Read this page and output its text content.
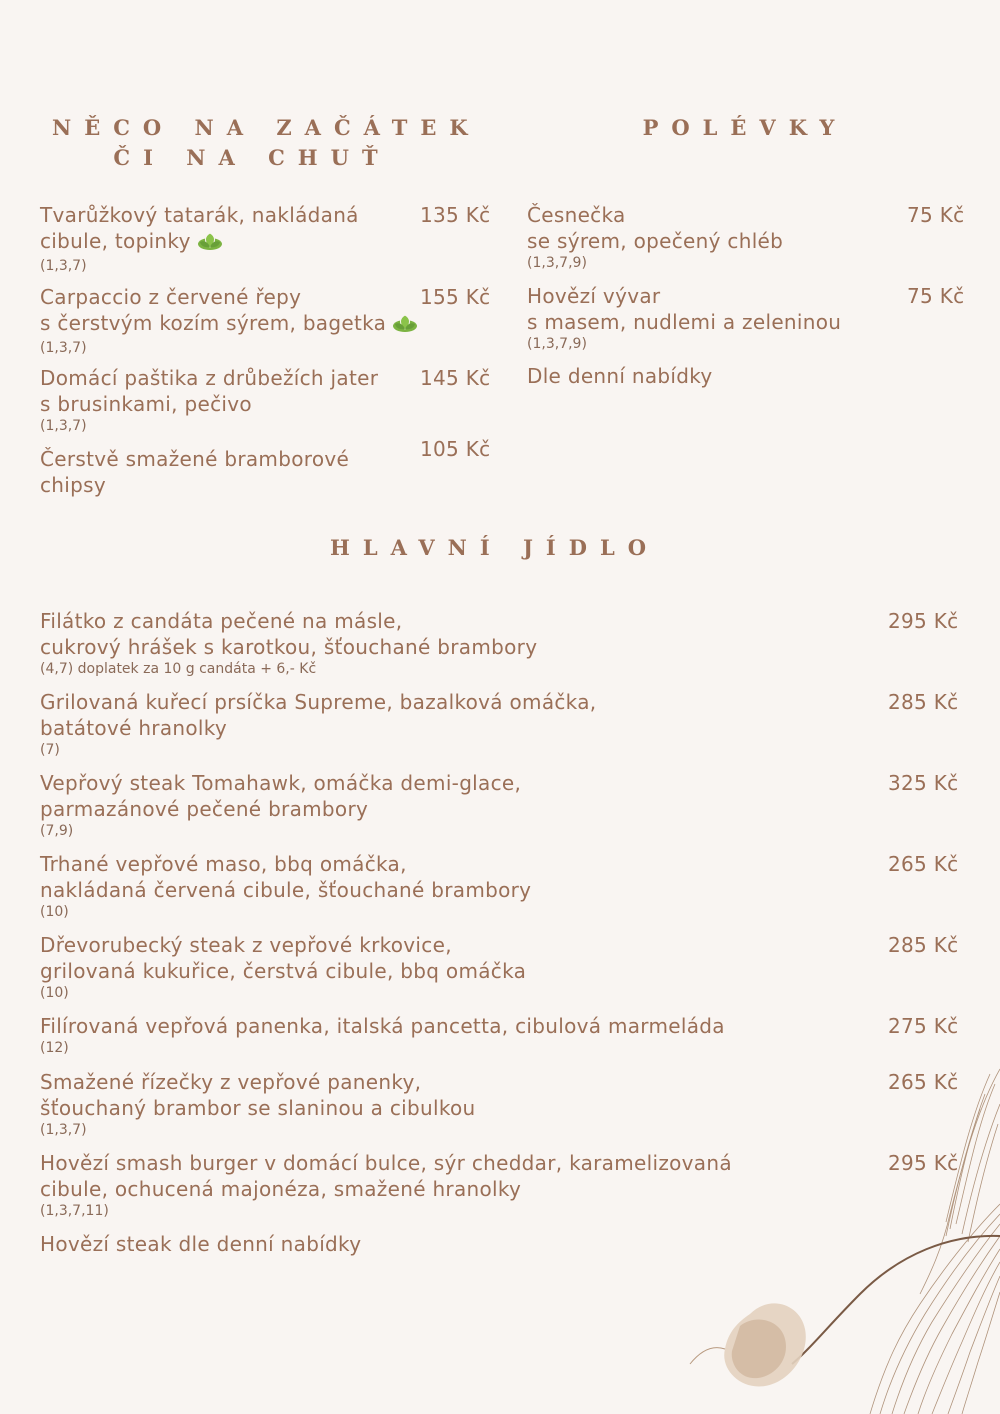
NĚCO NA ZAČÁTEK
ČI NA CHUŤ
POLÉVKY
HLAVNÍ JÍDLO
Tvarůžkový tatarák, nakládaná
cibule, topinky
(1,3,7)
135 Kč
Carpaccio z červené řepy
s čerstvým kozím sýrem, bagetka
(1,3,7)
155 Kč
Domácí paštika z drůbežích jater
s brusinkami, pečivo
(1,3,7)
145 Kč
Čerstvě smažené bramborové
chipsy
105 Kč
Česnečka
se sýrem, opečený chléb
(1,3,7,9)
75 Kč
Hovězí vývar
s masem, nudlemi a zeleninou
(1,3,7,9)
75 Kč
Dle denní nabídky
Filátko z candáta pečené na másle,
cukrový hrášek s karotkou, šťouchané brambory
(4,7) doplatek za 10 g candáta + 6,- Kč
295 Kč
Grilovaná kuřecí prsíčka Supreme, bazalková omáčka,
batátové hranolky
(7)
285 Kč
Vepřový steak Tomahawk, omáčka demi-glace,
parmazánové pečené brambory
(7,9)
325 Kč
Trhané vepřové maso, bbq omáčka,
nakládaná červená cibule, šťouchané brambory
(10)
265 Kč
Dřevorubecký steak z vepřové krkovice,
grilovaná kukuřice, čerstvá cibule, bbq omáčka
(10)
285 Kč
Filírovaná vepřová panenka, italská pancetta, cibulová marmeláda
(12)
275 Kč
Smažené řízečky z vepřové panenky,
šťouchaný brambor se slaninou a cibulkou
(1,3,7)
265 Kč
Hovězí smash burger v domácí bulce, sýr cheddar, karamelizovaná
cibule, ochucená majonéza, smažené hranolky
(1,3,7,11)
295 Kč
Hovězí steak dle denní nabídky
